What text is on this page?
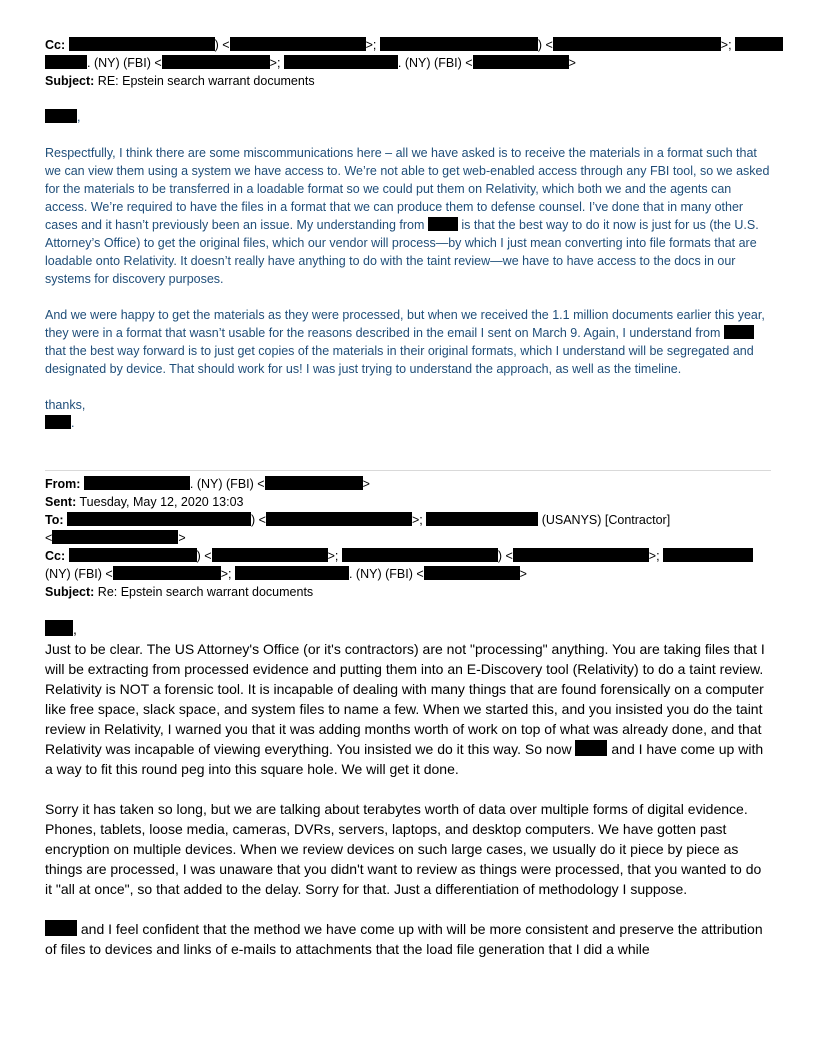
Cc:	) <	>;	) <	>;
. (NY) (FBI) <	>;	. (NY) (FBI) <	>
Subject: RE: Epstein search warrant documents

,

Respectfully, I think there are some miscommunications here – all we have asked is to receive the materials in a format such that we can view them using a system we have access to. We’re not able to get web-enabled access through any FBI tool, so we asked for the materials to be transferred in a loadable format so we could put them on Relativity, which both we and the agents can access. We’re required to have the files in a format that we can produce them to defense counsel. I’ve done that in many other cases and it hasn’t previously been an issue. My understanding from	is that the best way to do it now is just for us (the U.S. Attorney’s Office) to get the original files, which our vendor will process—by which I just mean converting into file formats that are loadable onto Relativity. It doesn’t really have anything to do with the taint review—we have to have access to the docs in our systems for discovery purposes.

And we were happy to get the materials as they were processed, but when we received the 1.1 million documents earlier this year, they were in a format that wasn’t usable for the reasons described in the email I sent on March 9. Again, I understand from  that the best way forward is to just get copies of the materials in their original formats, which I understand will be segregated and designated by device. That should work for us! I was just trying to understand the approach, as well as the timeline.

thanks,

.

From:	. (NY) (FBI) <	>
Sent: Tuesday, May 12, 2020 13:03
To:	) <	>;	(USANYS) [Contractor]
<	>
Cc:	) <	>;	) <	>;
(NY) (FBI) <	>;	. (NY) (FBI) <	>
Subject: Re: Epstein search warrant documents

,

Just to be clear. The US Attorney's Office (or it's contractors) are not "processing" anything. You are taking files that I will be extracting from processed evidence and putting them into an E-Discovery tool (Relativity) to do a taint review.

Relativity is NOT a forensic tool. It is incapable of dealing with many things that are found forensically on a computer like free space, slack space, and system files to name a few. When we started this, and you insisted you do the taint review in Relativity, I warned you that it was adding months worth of work on top of what was already done, and that Relativity was incapable of viewing everything. You insisted we do it this way. So now	and I have come up with a way to fit this round peg into this square hole. We will get it done.

Sorry it has taken so long, but we are talking about terabytes worth of data over multiple forms of digital evidence. Phones, tablets, loose media, cameras, DVRs, servers, laptops, and desktop computers. We have gotten past encryption on multiple devices. When we review devices on such large cases, we usually do it piece by piece as things are processed, I was unaware that you didn't want to review as things were processed, that you wanted to do it "all at once", so that added to the delay. Sorry for that. Just a differentiation of methodology I suppose.

and I feel confident that the method we have come up with will be more consistent and preserve the attribution of files to devices and links of e-mails to attachments that the load file generation that I did a while
